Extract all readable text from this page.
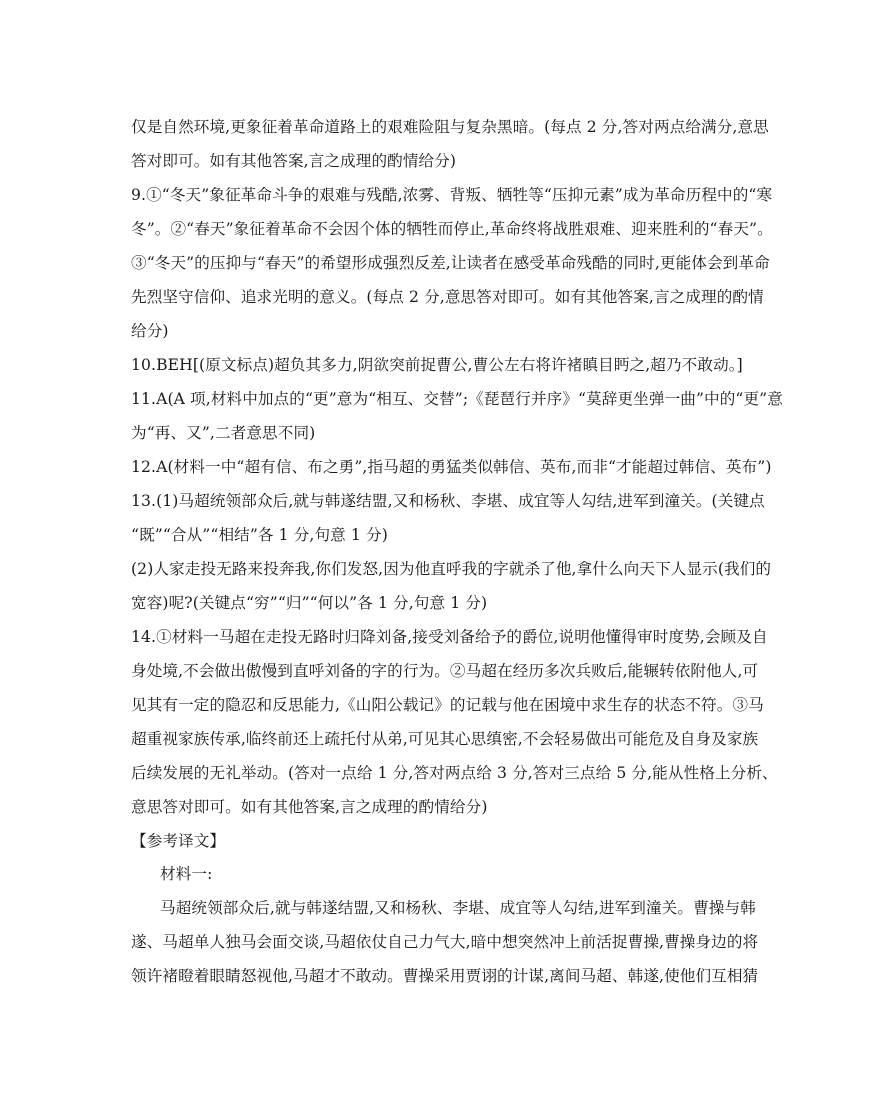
仅是自然环境,更象征着革命道路上的艰难险阻与复杂黑暗。(每点 2 分,答对两点给满分,意思
答对即可。如有其他答案,言之成理的酌情给分)
9.①“冬天”象征革命斗争的艰难与残酷,浓雾、背叛、牺牲等“压抑元素”成为革命历程中的“寒
冬”。②“春天”象征着革命不会因个体的牺牲而停止,革命终将战胜艰难、迎来胜利的“春天”。
③“冬天”的压抑与“春天”的希望形成强烈反差,让读者在感受革命残酷的同时,更能体会到革命
先烈坚守信仰、追求光明的意义。(每点 2 分,意思答对即可。如有其他答案,言之成理的酌情
给分)
10.BEH[(原文标点)超负其多力,阴欲突前捉曹公,曹公左右将许褚瞋目眄之,超乃不敢动。]
11.A(A 项,材料中加点的“更”意为“相互、交替”;《琵琶行并序》“莫辞更坐弹一曲”中的“更”意
为“再、又”,二者意思不同)
12.A(材料一中“超有信、布之勇”,指马超的勇猛类似韩信、英布,而非“才能超过韩信、英布”)
13.(1)马超统领部众后,就与韩遂结盟,又和杨秋、李堪、成宜等人勾结,进军到潼关。(关键点
“既”“合从”“相结”各 1 分,句意 1 分)
(2)人家走投无路来投奔我,你们发怒,因为他直呼我的字就杀了他,拿什么向天下人显示(我们的
宽容)呢?(关键点“穷”“归”“何以”各 1 分,句意 1 分)
14.①材料一马超在走投无路时归降刘备,接受刘备给予的爵位,说明他懂得审时度势,会顾及自
身处境,不会做出傲慢到直呼刘备的字的行为。②马超在经历多次兵败后,能辗转依附他人,可
见其有一定的隐忍和反思能力,《山阳公载记》的记载与他在困境中求生存的状态不符。③马
超重视家族传承,临终前还上疏托付从弟,可见其心思缜密,不会轻易做出可能危及自身及家族
后续发展的无礼举动。(答对一点给 1 分,答对两点给 3 分,答对三点给 5 分,能从性格上分析、
意思答对即可。如有其他答案,言之成理的酌情给分)
【参考译文】
材料一:
马超统领部众后,就与韩遂结盟,又和杨秋、李堪、成宜等人勾结,进军到潼关。曹操与韩
遂、马超单人独马会面交谈,马超依仗自己力气大,暗中想突然冲上前活捉曹操,曹操身边的将
领许褚瞪着眼睛怒视他,马超才不敢动。曹操采用贾诩的计谋,离间马超、韩遂,使他们互相猜
